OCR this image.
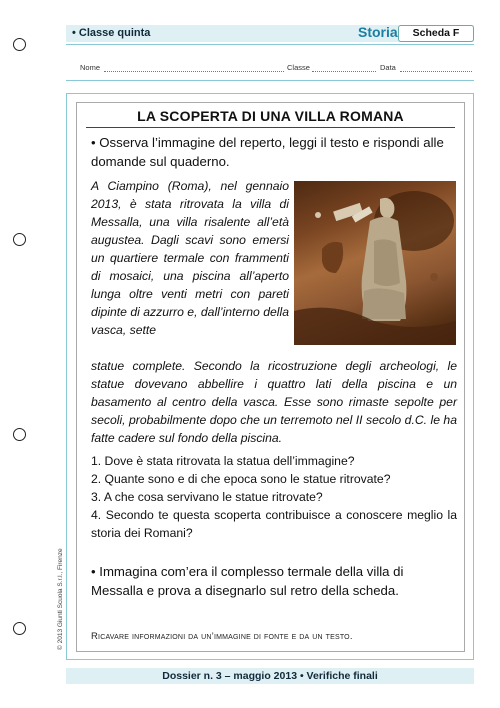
• Classe quinta	Storia	Scheda F
Nome	Classe	Data
LA SCOPERTA DI UNA VILLA ROMANA
• Osserva l’immagine del reperto, leggi il testo e rispondi alle domande sul quaderno.
A Ciampino (Roma), nel gennaio 2013, è stata ritrovata la villa di Messalla, una villa risalente all’età augustea. Dagli scavi sono emersi un quartiere termale con frammenti di mosaici, una piscina all’aperto lunga oltre venti metri con pareti dipinte di azzurro e, dall’interno della vasca, sette
statue complete. Secondo la ricostruzione degli archeologi, le statue dovevano abbellire i quattro lati della piscina e un basamento al centro della vasca. Esse sono rimaste sepolte per secoli, probabilmente dopo che un terremoto nel II secolo d.C. le ha fatte cadere sul fondo della piscina.
1. Dove è stata ritrovata la statua dell’immagine?
2. Quante sono e di che epoca sono le statue ritrovate?
3. A che cosa servivano le statue ritrovate?
4. Secondo te questa scoperta contribuisce a conoscere meglio la storia dei Romani?
• Immagina com’era il complesso termale della villa di Messalla e prova a disegnarlo sul retro della scheda.
Ricavare informazioni da un’immagine di fonte e da un testo.
© 2013 Giunti Scuola S.r.l., Firenze
Dossier n. 3 – maggio 2013 • Verifiche finali
